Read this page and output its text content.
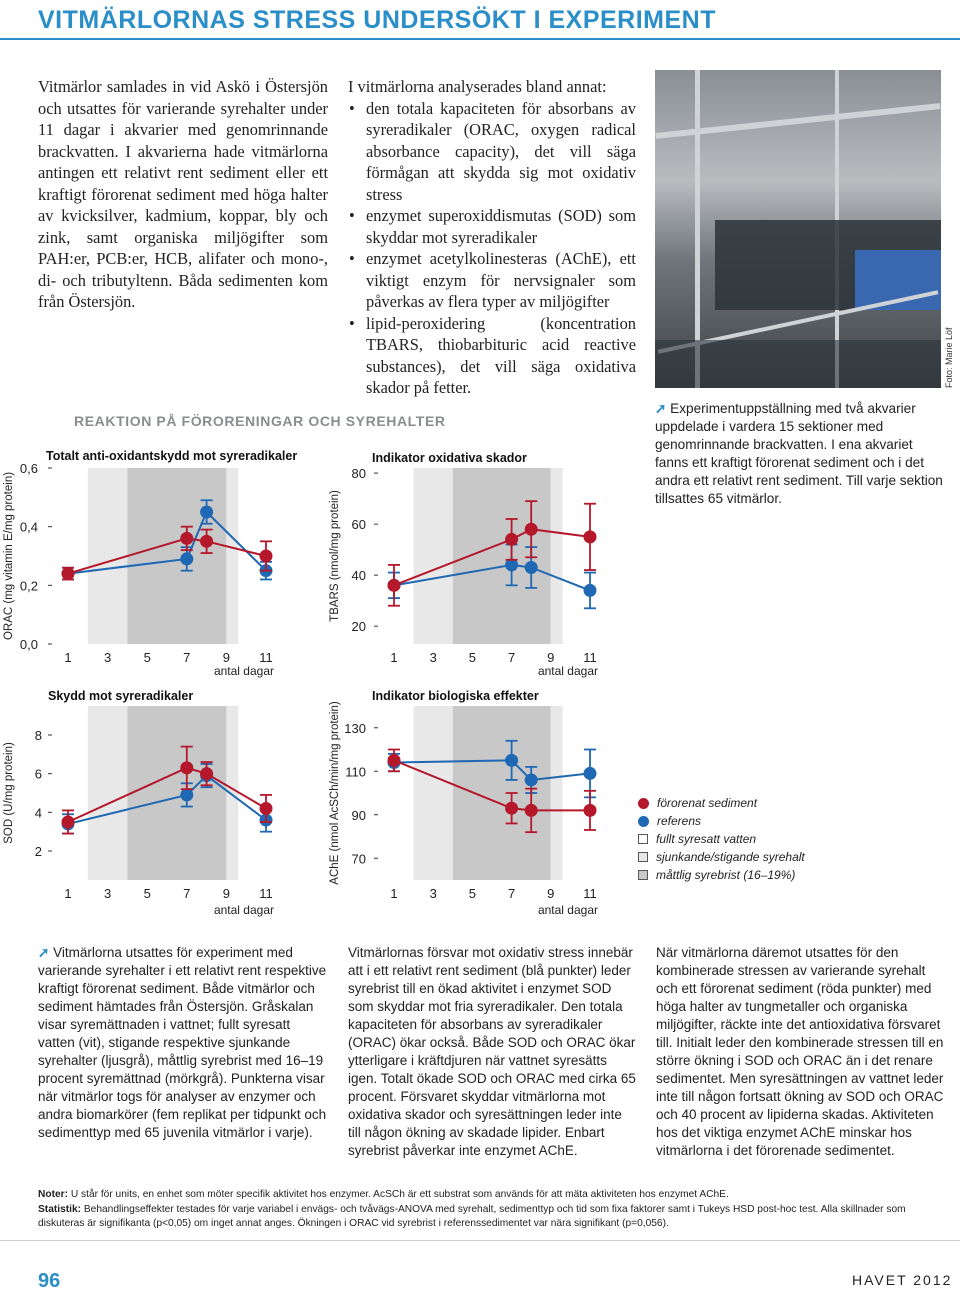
VITMÄRLORNAS STRESS UNDERSÖKT I EXPERIMENT
Vitmärlor samlades in vid Askö i Östersjön och utsattes för varierande syrehalter under 11 dagar i akvarier med genomrinnande brackvatten. I akvarierna hade vitmärlorna antingen ett relativt rent sediment eller ett kraftigt förorenat sediment med höga halter av kvicksilver, kadmium, koppar, bly och zink, samt organiska miljögifter som PAH:er, PCB:er, HCB, alifater och mono-, di- och tributyltenn. Båda sedimenten kom från Östersjön.
I vitmärlorna analyserades bland annat:
• den totala kapaciteten för absorbans av syreradikaler (ORAC, oxygen radical absorbance capacity), det vill säga förmågan att skydda sig mot oxidativ stress
• enzymet superoxiddismutas (SOD) som skyddar mot syreradikaler
• enzymet acetylkolinesteras (AChE), ett viktigt enzym för nervsignaler som påverkas av flera typer av miljögifter
• lipid-peroxidering (koncentration TBARS, thiobarbituric acid reactive substances), det vill säga oxidativa skador på fetter.	Foto: Marie Löf
➚ Experimentuppställning med två akvarier uppdelade i vardera 15 sektioner med genomrinnande brackvatten. I ena akvariet fanns ett kraftigt förorenat sediment och i det andra ett relativt rent sediment. Till varje sektion tillsattes 65 vitmärlor.
REAKTION PÅ FÖRORENINGAR OCH SYREHALTER
Totalt anti-oxidantskydd mot syreradikaler	Indikator oxidativa skador
Skydd mot syreradikaler	Indikator biologiska effekter
0,0
0,2
0,4
0,6
1 3 5 7 9 11
antal dagar
ORAC (mg vitamin E/mg protein)	20
40
60
80
1 3 5 7 9 11
antal dagar
TBARS (nmol/mg protein)
2
4
6
8
1 3 5 7 9 11
antal dagar
SOD (U/mg protein)
70
90
110
130
1 3 5 7 9 11
antal dagar
AChE (nmol AcSCh/min/mg protein)	förorenat sediment
referens
fullt syresatt vatten
sjunkande/stigande syrehalt
måttlig syrebrist (16–19%)
➚ Vitmärlorna utsattes för experiment med varierande syrehalter i ett relativt rent respektive kraftigt förorenat sediment. Både vitmärlor och sediment hämtades från Östersjön. Gråskalan visar syremättnaden i vattnet; fullt syresatt vatten (vit), stigande respektive sjunkande syrehalter (ljusgrå), måttlig syrebrist med 16–19 procent syremättnad (mörkgrå). Punkterna visar när vitmärlor togs för analyser av enzymer och andra biomarkörer (fem replikat per tidpunkt och sedimenttyp med 65 juvenila vitmärlor i varje).
Vitmärlornas försvar mot oxidativ stress innebär att i ett relativt rent sediment (blå punkter) leder syrebrist till en ökad aktivitet i enzymet SOD som skyddar mot fria syreradikaler. Den totala kapaciteten för absorbans av syreradikaler (ORAC) ökar också. Både SOD och ORAC ökar ytterligare i kräftdjuren när vattnet syresätts igen. Totalt ökade SOD och ORAC med cirka 65 procent. Försvaret skyddar vitmärlorna mot oxidativa skador och syresättningen leder inte till någon ökning av skadade lipider. Enbart syrebrist påverkar inte enzymet AChE.
När vitmärlorna däremot utsattes för den kombinerade stressen av varierande syrehalt och ett förorenat sediment (röda punkter) med höga halter av tungmetaller och organiska miljögifter, räckte inte det antioxidativa försvaret till. Initialt leder den kombinerade stressen till en större ökning i SOD och ORAC än i det renare sedimentet. Men syresättningen av vattnet leder inte till någon fortsatt ökning av SOD och ORAC och 40 procent av lipiderna skadas. Aktiviteten hos det viktiga enzymet AChE minskar hos vitmärlorna i det förorenade sedimentet.
Noter: U står för units, en enhet som möter specifik aktivitet hos enzymer. AcSCh är ett substrat som används för att mäta aktiviteten hos enzymet AChE.
Statistik: Behandlingseffekter testades för varje variabel i envägs- och tvåvägs-ANOVA med syrehalt, sedimenttyp och tid som fixa faktorer samt i Tukeys HSD post-hoc test. Alla skillnader som diskuteras är signifikanta (p<0,05) om inget annat anges. Ökningen i ORAC vid syrebrist i referenssedimentet var nära signifikant (p=0,056).
96	HAVET 2012
